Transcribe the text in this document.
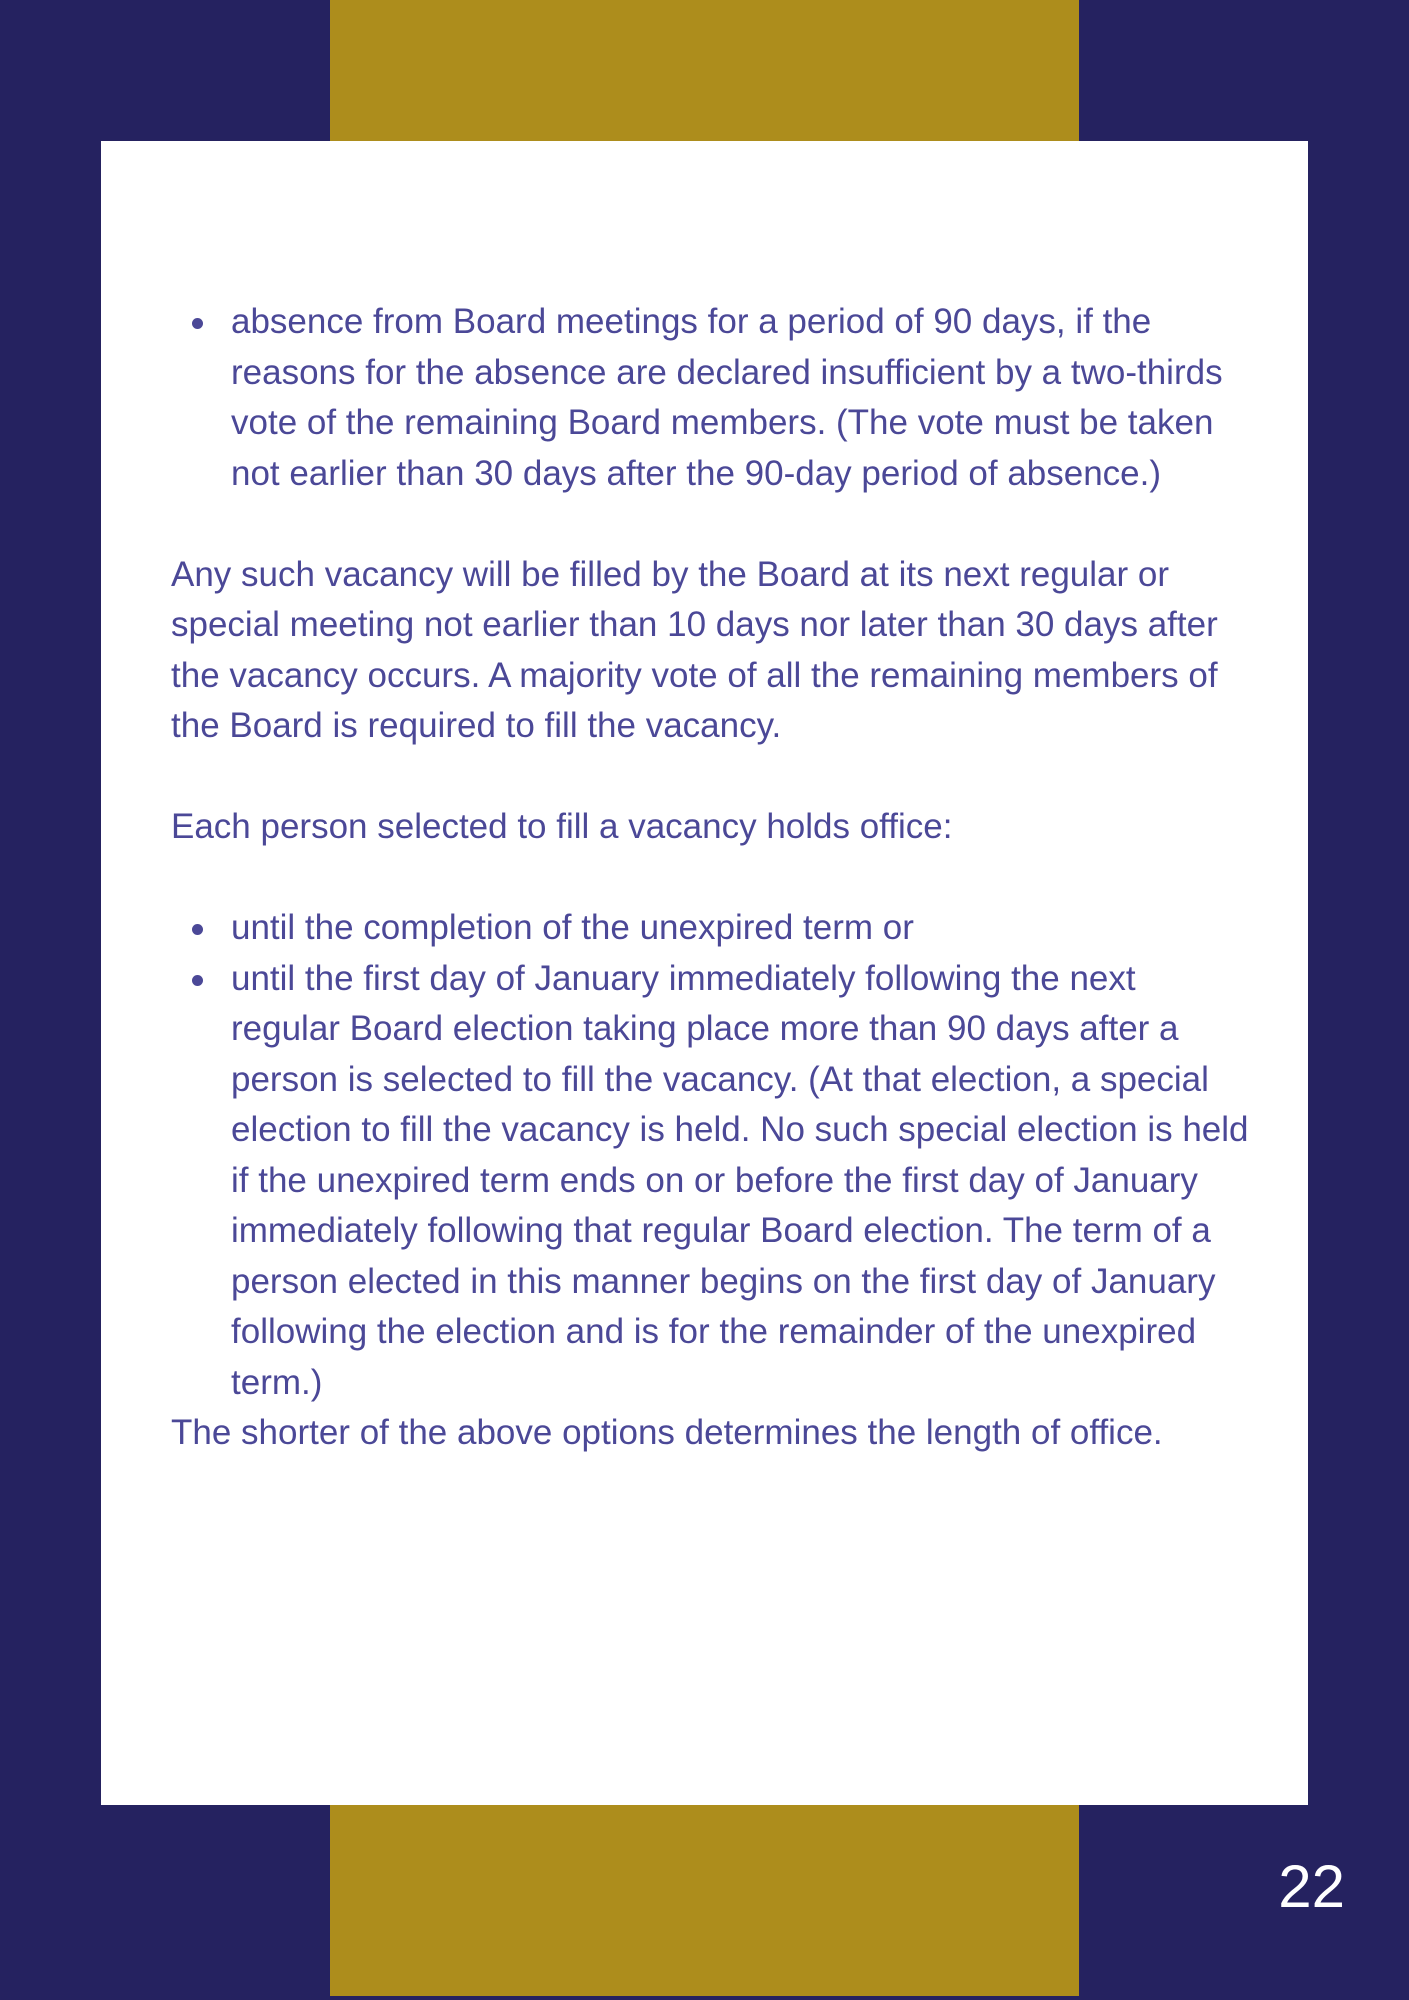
absence from Board meetings for a period of 90 days, if the reasons for the absence are declared insufficient by a two-thirds vote of the remaining Board members. (The vote must be taken not earlier than 30 days after the 90-day period of absence.)

Any such vacancy will be filled by the Board at its next regular or special meeting not earlier than 10 days nor later than 30 days after the vacancy occurs. A majority vote of all the remaining members of the Board is required to fill the vacancy.

Each person selected to fill a vacancy holds office:

until the completion of the unexpired term or
until the first day of January immediately following the next regular Board election taking place more than 90 days after a person is selected to fill the vacancy. (At that election, a special election to fill the vacancy is held. No such special election is held if the unexpired term ends on or before the first day of January immediately following that regular Board election. The term of a person elected in this manner begins on the first day of January following the election and is for the remainder of the unexpired term.)

The shorter of the above options determines the length of office.

22
